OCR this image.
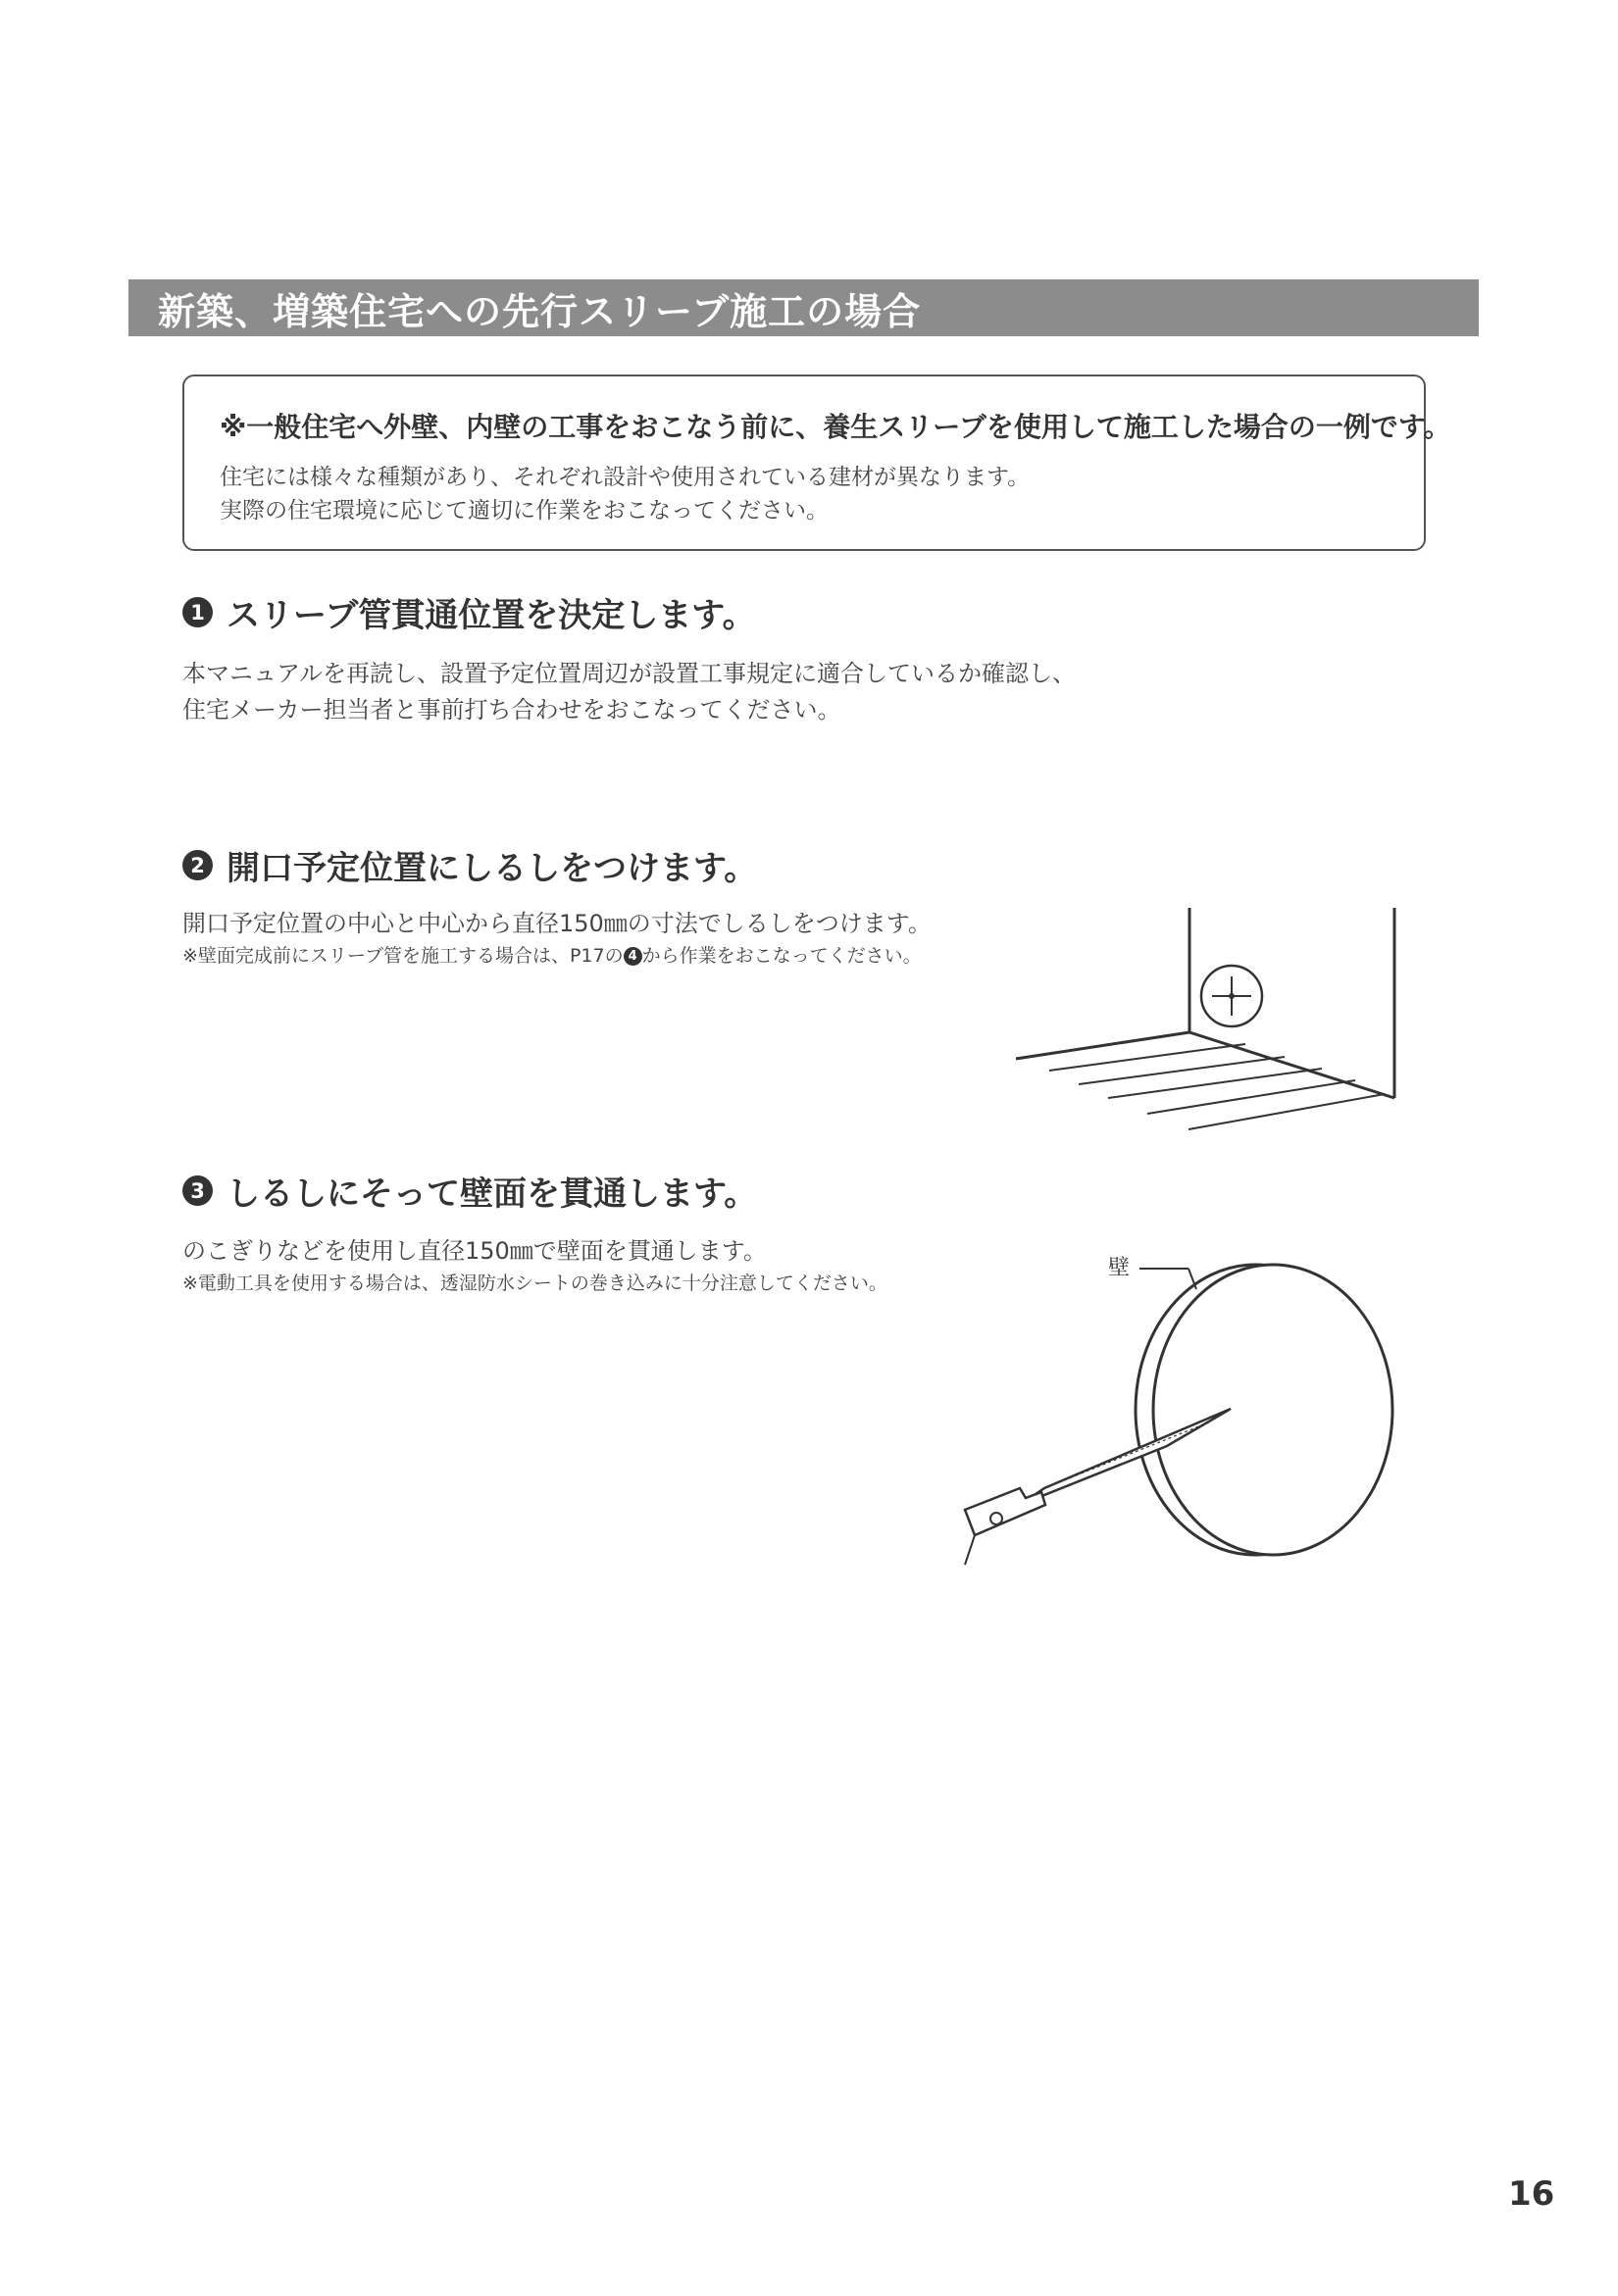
新築、増築住宅への先行スリーブ施工の場合
※一般住宅へ外壁、内壁の工事をおこなう前に、養生スリーブを使用して施工した場合の一例です。
住宅には様々な種類があり、それぞれ設計や使用されている建材が異なります。
実際の住宅環境に応じて適切に作業をおこなってください。
1 スリーブ管貫通位置を決定します。
本マニュアルを再読し、設置予定位置周辺が設置工事規定に適合しているか確認し、
住宅メーカー担当者と事前打ち合わせをおこなってください。
2 開口予定位置にしるしをつけます。
開口予定位置の中心と中心から直径150㎜の寸法でしるしをつけます。
※壁面完成前にスリーブ管を施工する場合は、P17の 4 から作業をおこなってください。
3 しるしにそって壁面を貫通します。
のこぎりなどを使用し直径150㎜で壁面を貫通します。
※電動工具を使用する場合は、透湿防水シートの巻き込みに十分注意してください。
壁
16
